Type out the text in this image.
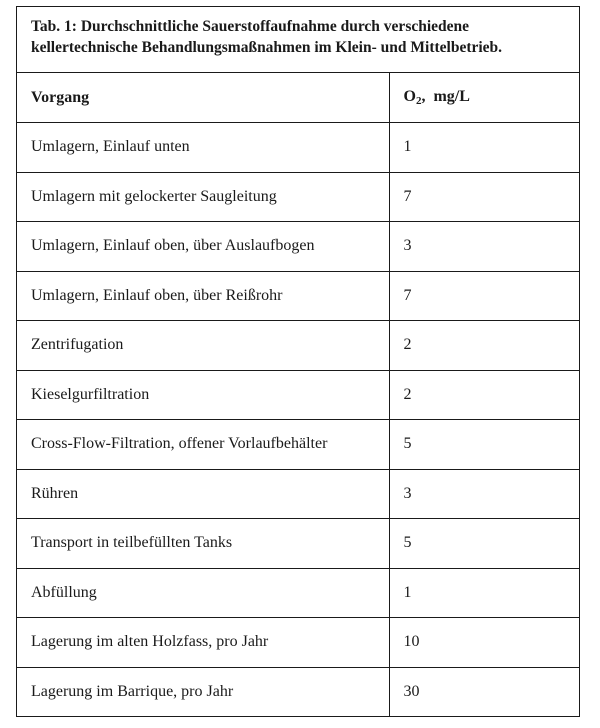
Tab. 1: Durchschnittliche Sauerstoffaufnahme durch verschiedene
kellertechnische Behandlungsmaßnahmen im Klein- und Mittelbetrieb.
Vorgang	$O_2$,  mg/L
Umlagern, Einlauf unten	1
Umlagern mit gelockerter Saugleitung	7
Umlagern, Einlauf oben, über Auslaufbogen	3
Umlagern, Einlauf oben, über Reißrohr	7
Zentrifugation	2
Kieselgurfiltration	2
Cross-Flow-Filtration, offener Vorlaufbehälter	5
Rühren	3
Transport in teilbefüllten Tanks	5
Abfüllung	1
Lagerung im alten Holzfass, pro Jahr	10
Lagerung im Barrique, pro Jahr	30
